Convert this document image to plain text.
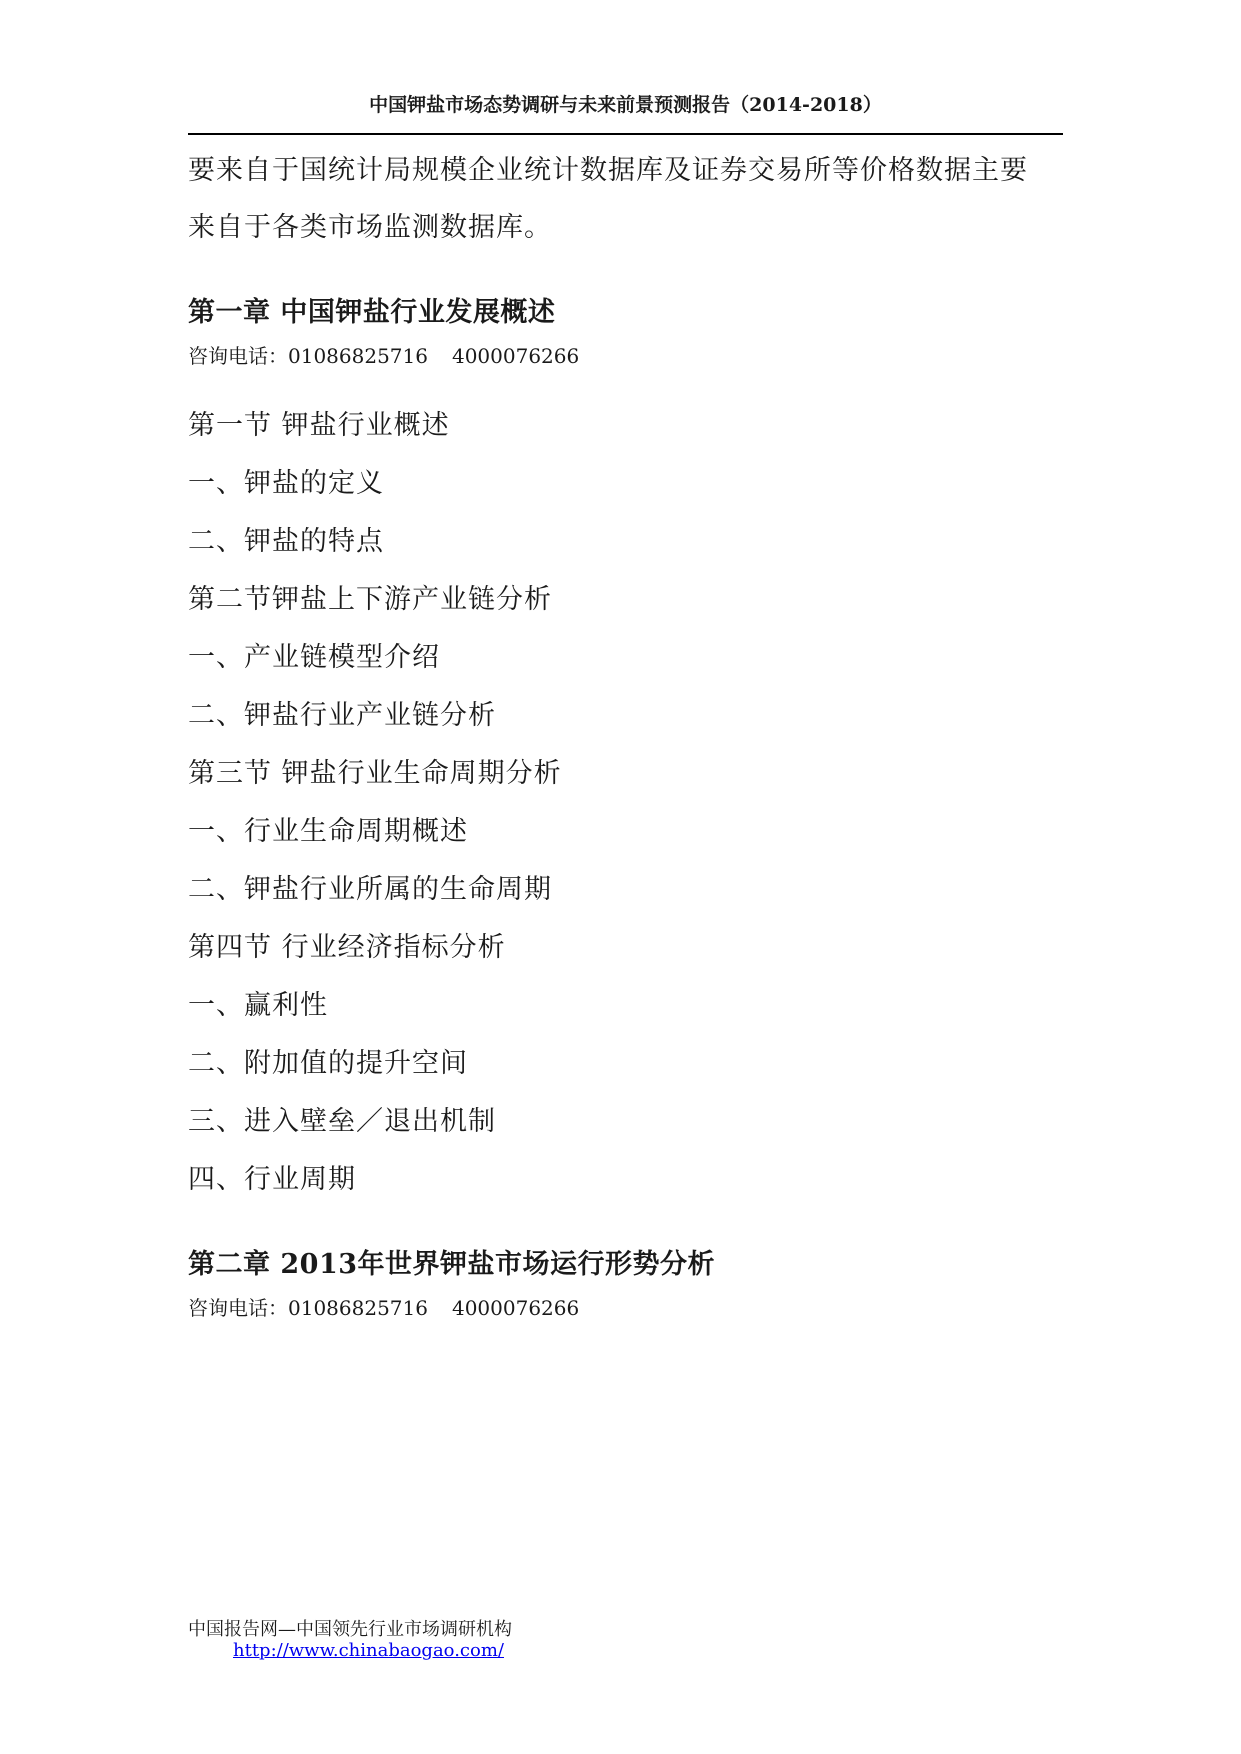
中国钾盐市场态势调研与未来前景预测报告（2014-2018）
要来自于国统计局规模企业统计数据库及证券交易所等价格数据主要
来自于各类市场监测数据库。
第一章 中国钾盐行业发展概述
咨询电话：01086825716 4000076266
第一节 钾盐行业概述
一、钾盐的定义
二、钾盐的特点
第二节钾盐上下游产业链分析
一、产业链模型介绍
二、钾盐行业产业链分析
第三节 钾盐行业生命周期分析
一、行业生命周期概述
二、钾盐行业所属的生命周期
第四节 行业经济指标分析
一、赢利性
二、附加值的提升空间
三、进入壁垒／退出机制
四、行业周期
第二章 2013年世界钾盐市场运行形势分析
咨询电话：01086825716 4000076266
中国报告网—中国领先行业市场调研机构
http://www.chinabaogao.com/
